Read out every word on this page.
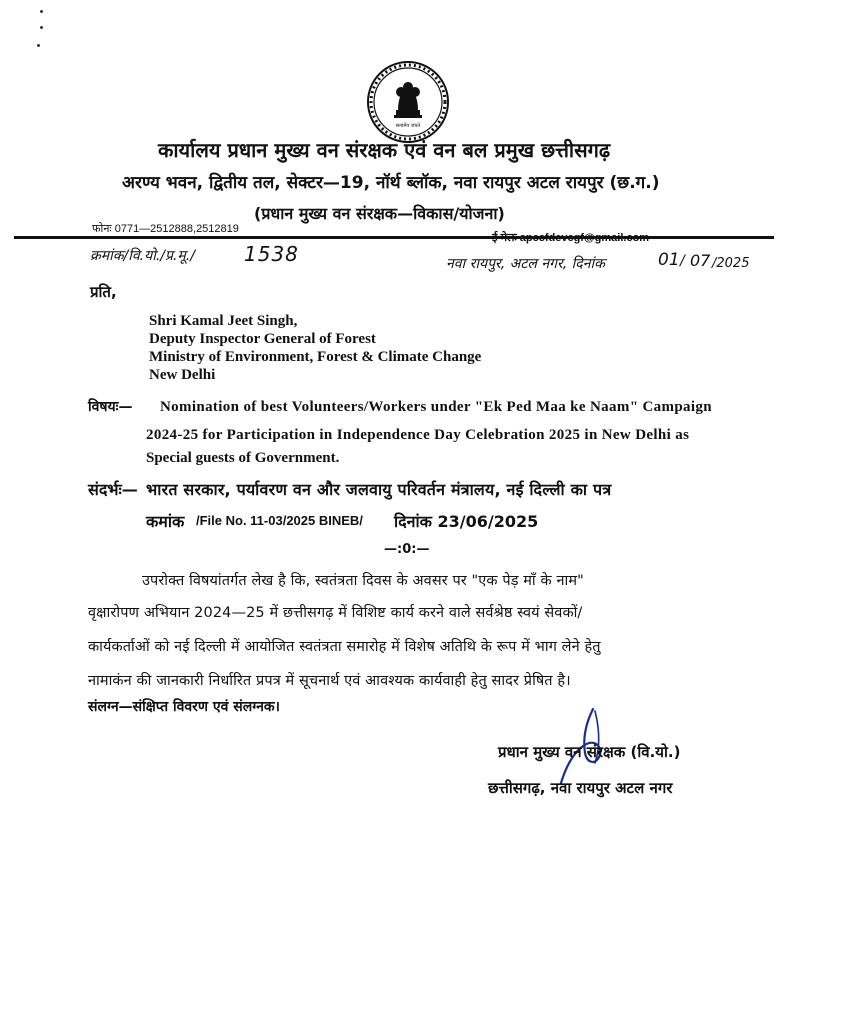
सत्यमेव जयते
कार्यालय प्रधान मुख्य वन संरक्षक एवं वन बल प्रमुख छत्तीसगढ़
अरण्य भवन, द्वितीय तल, सेक्टर—19, नॉर्थ ब्लॉक, नवा रायपुर अटल रायपुर (छ.ग.)
(प्रधान मुख्य वन संरक्षक—विकास/योजना)
फोनः 0771—2512888,2512819
क्रमांक/वि.यो./प्र.मू./ 1538	नवा रायपुर, अटल नगर, दिनांक	01 / 07 /2025
प्रति,
Shri Kamal Jeet Singh,
Deputy Inspector General of Forest
Ministry of Environment, Forest & Climate Change
New Delhi
विषयः— Nomination of best Volunteers/Workers under "Ek Ped Maa ke Naam" Campaign
2024-25 for Participation in Independence Day Celebration 2025 in New Delhi as
Special guests of Government.
संदर्भः— भारत सरकार, पर्यावरण वन और जलवायु परिवर्तन मंत्रालय, नई दिल्ली का पत्र
कमांक /File No. 11-03/2025 BINEB/ दिनांक 23/06/2025
—:0:—
उपरोक्त विषयांतर्गत लेख है कि, स्वतंत्रता दिवस के अवसर पर "एक पेड़ माँ के नाम"
वृक्षारोपण अभियान 2024—25 में छत्तीसगढ़ में विशिष्ट कार्य करने वाले सर्वश्रेष्ठ स्वयं सेवकों/
कार्यकर्ताओं को नई दिल्ली में आयोजित स्वतंत्रता समारोह में विशेष अतिथि के रूप में भाग लेने हेतु
नामाकंन की जानकारी निर्धारित प्रपत्र में सूचनार्थ एवं आवश्यक कार्यवाही हेतु सादर प्रेषित है।
संलग्न—संक्षिप्त विवरण एवं संलग्नक।
प्रधान मुख्य वन संरक्षक (वि.यो.)
छत्तीसगढ़, नवा रायपुर अटल नगर
